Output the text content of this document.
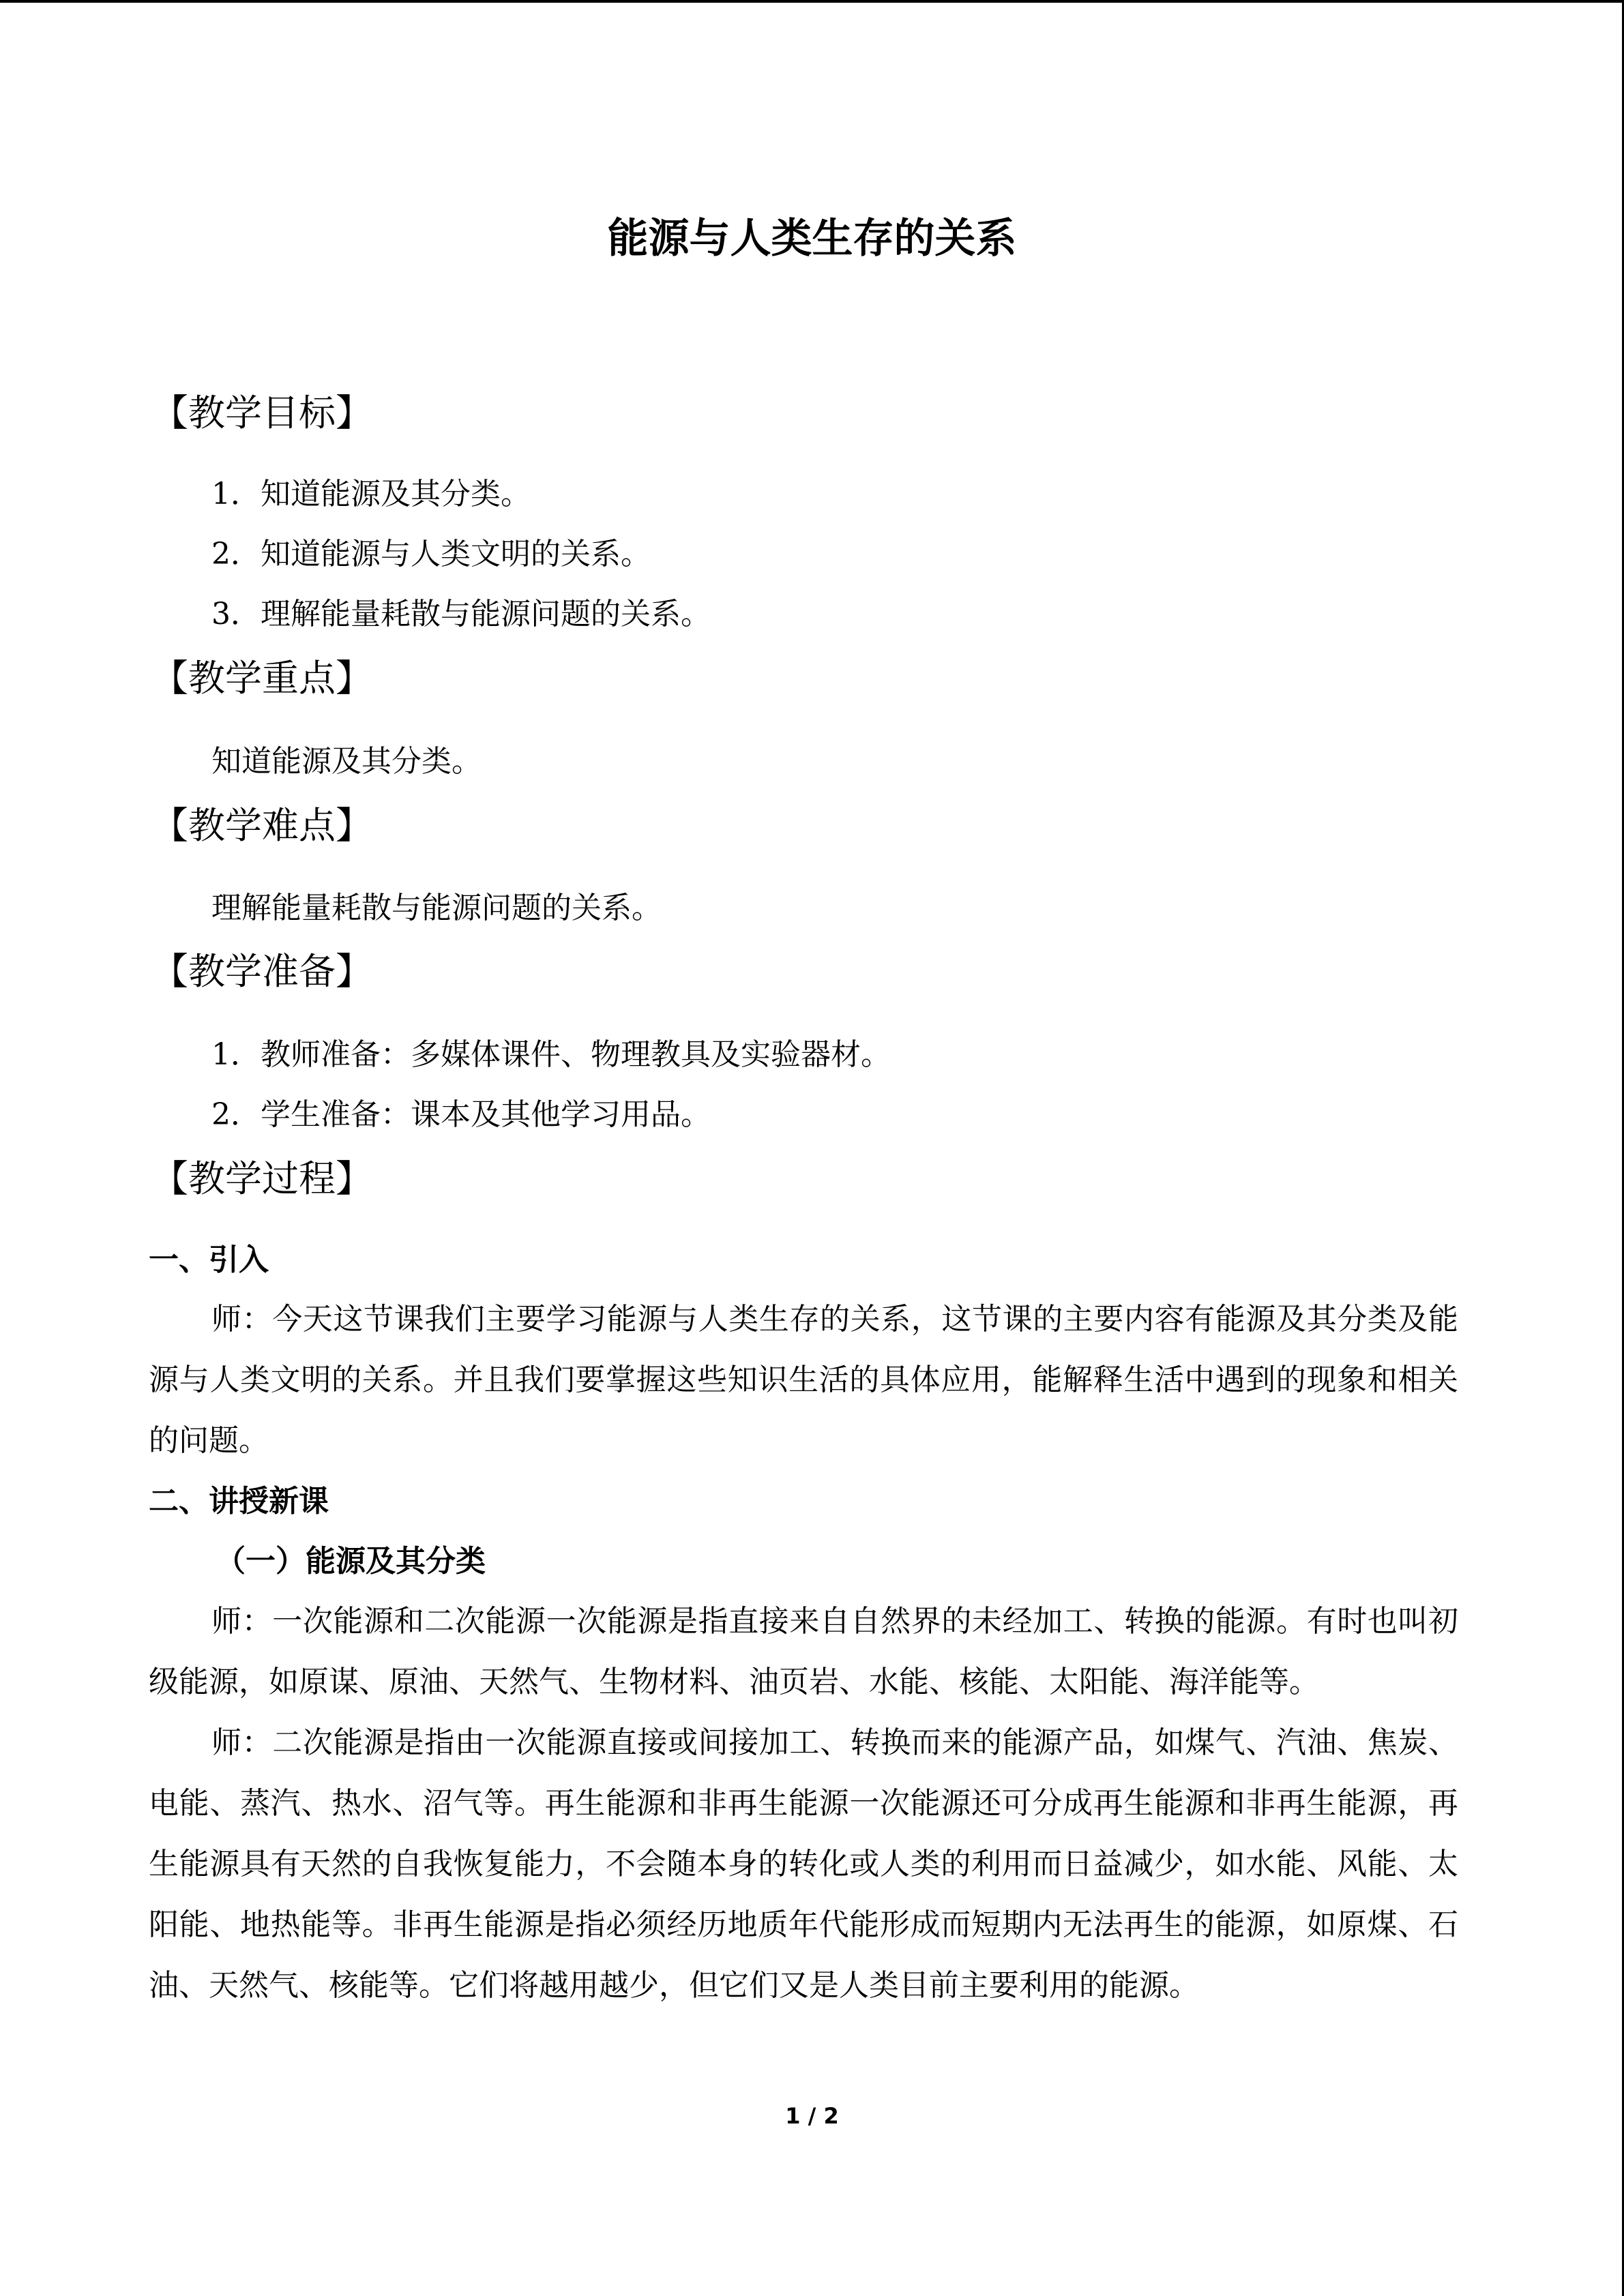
能源与人类生存的关系
【教学目标】
1．知道能源及其分类。
2．知道能源与人类文明的关系。
3．理解能量耗散与能源问题的关系。
【教学重点】
知道能源及其分类。
【教学难点】
理解能量耗散与能源问题的关系。
【教学准备】
1．教师准备：多媒体课件、物理教具及实验器材。
2．学生准备：课本及其他学习用品。
【教学过程】
一、引入

师：今天这节课我们主要学习能源与人类生存的关系，这节课的主要内容有能源及其分类及能源与人类文明的关系。并且我们要掌握这些知识生活的具体应用，能解释生活中遇到的现象和相关的问题。

二、讲授新课
（一）能源及其分类

师：一次能源和二次能源一次能源是指直接来自自然界的未经加工、转换的能源。有时也叫初级能源，如原谋、原油、天然气、生物材料、油页岩、水能、核能、太阳能、海洋能等。

师：二次能源是指由一次能源直接或间接加工、转换而来的能源产品，如煤气、汽油、焦炭、电能、蒸汽、热水、沼气等。再生能源和非再生能源一次能源还可分成再生能源和非再生能源，再生能源具有天然的自我恢复能力，不会随本身的转化或人类的利用而日益减少，如水能、风能、太阳能、地热能等。非再生能源是指必须经历地质年代能形成而短期内无法再生的能源，如原煤、石油、天然气、核能等。它们将越用越少，但它们又是人类目前主要利用的能源。

1 / 2
